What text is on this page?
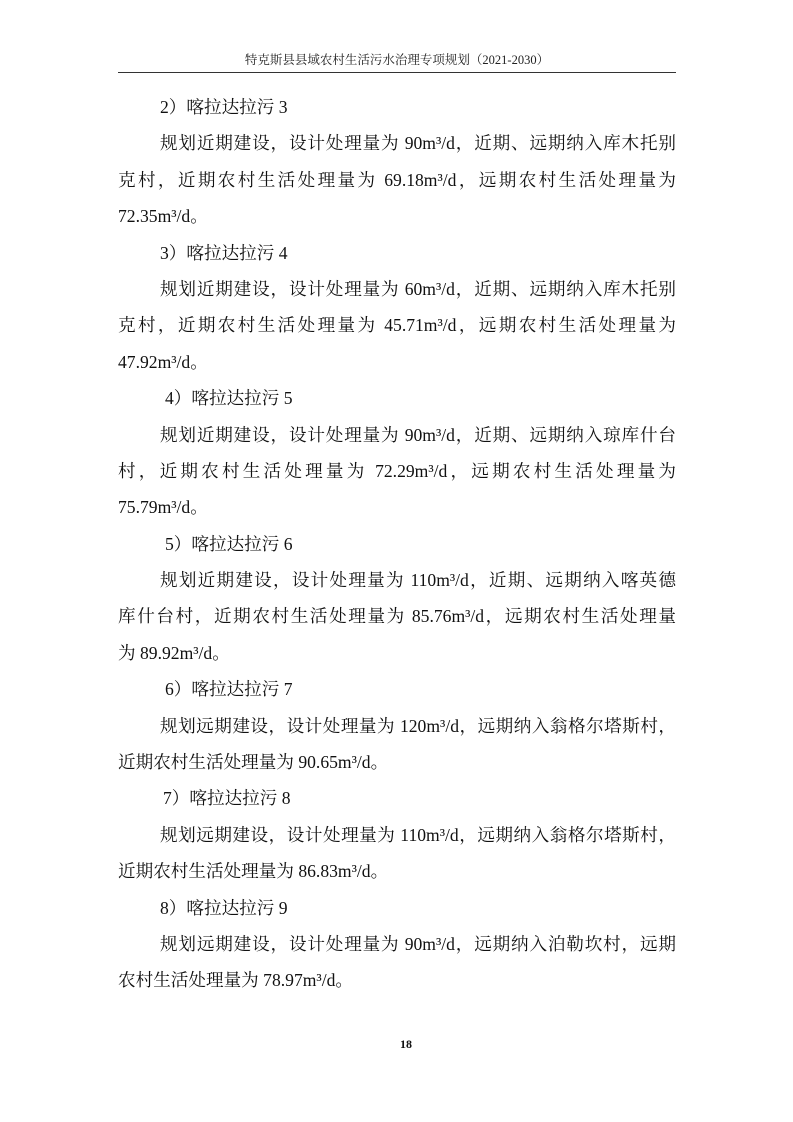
特克斯县县域农村生活污水治理专项规划（2021-2030）
2）喀拉达拉污 3
规划近期建设，设计处理量为 90m³/d，近期、远期纳入库木托别
克村，近期农村生活处理量为 69.18m³/d，远期农村生活处理量为
72.35m³/d。
3）喀拉达拉污 4
规划近期建设，设计处理量为 60m³/d，近期、远期纳入库木托别
克村，近期农村生活处理量为 45.71m³/d，远期农村生活处理量为
47.92m³/d。
4）喀拉达拉污 5
规划近期建设，设计处理量为 90m³/d，近期、远期纳入琼库什台
村，近期农村生活处理量为 72.29m³/d，远期农村生活处理量为
75.79m³/d。
5）喀拉达拉污 6
规划近期建设，设计处理量为 110m³/d，近期、远期纳入喀英德
库什台村，近期农村生活处理量为 85.76m³/d，远期农村生活处理量
为 89.92m³/d。
6）喀拉达拉污 7
规划远期建设，设计处理量为 120m³/d，远期纳入翁格尔塔斯村，
近期农村生活处理量为 90.65m³/d。
7）喀拉达拉污 8
规划远期建设，设计处理量为 110m³/d，远期纳入翁格尔塔斯村，
近期农村生活处理量为 86.83m³/d。
8）喀拉达拉污 9
规划远期建设，设计处理量为 90m³/d，远期纳入泊勒坎村，远期
农村生活处理量为 78.97m³/d。
18
